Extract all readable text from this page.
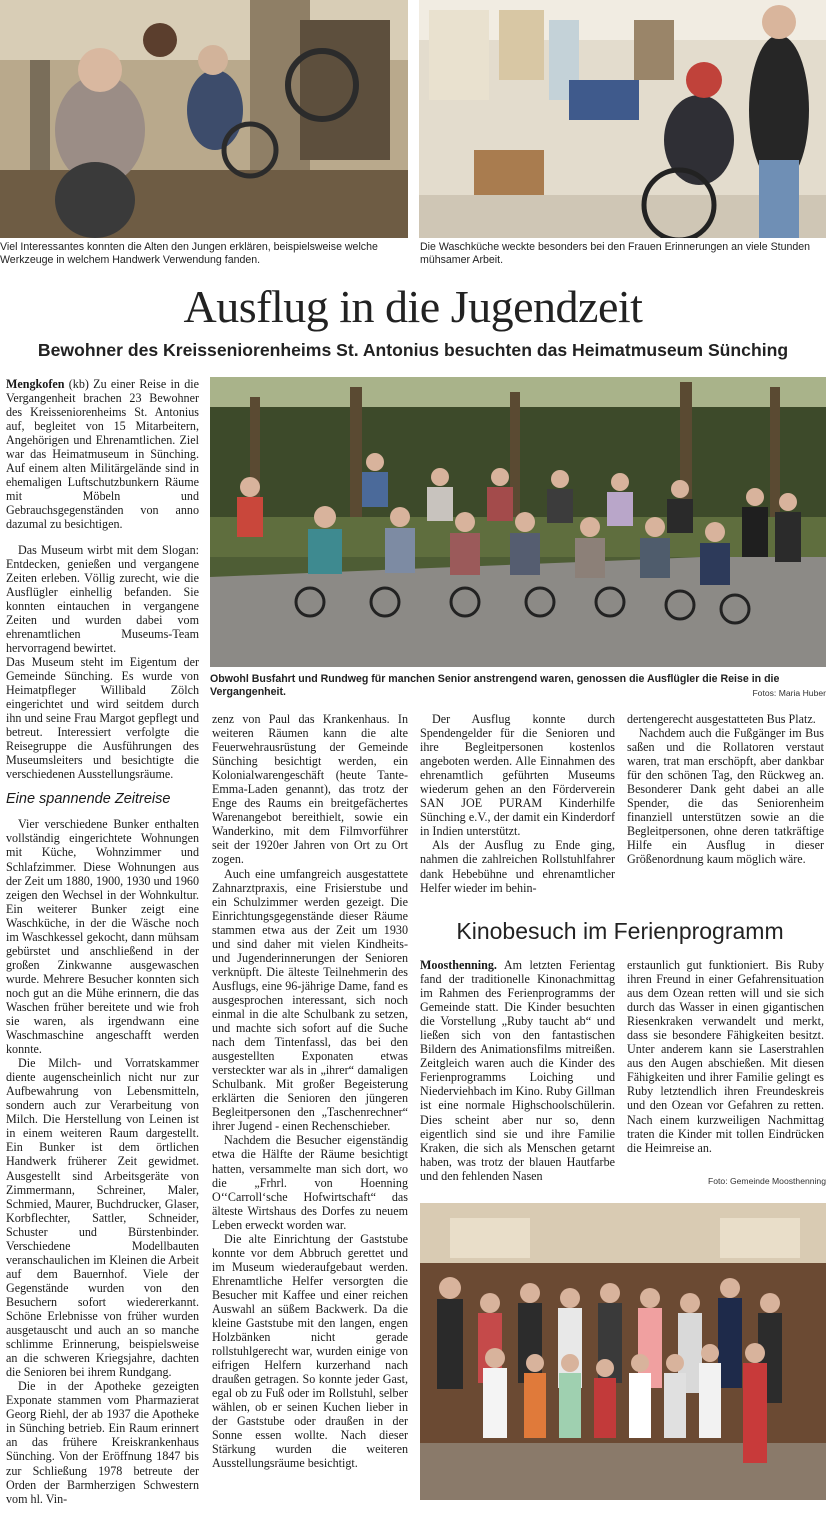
Viel Interessantes konnten die Alten den Jungen erklären, beispielsweise welche Werkzeuge in welchem Handwerk Verwendung fanden.
Die Waschküche weckte besonders bei den Frauen Erinnerungen an viele Stunden mühsamer Arbeit.
Ausflug in die Jugendzeit
Bewohner des Kreisseniorenheims St. Antonius besuchten das Heimatmuseum Sünching

Mengkofen (kb) Zu einer Reise in die Vergangenheit brachen 23 Bewohner des Kreisseniorenheims St. Antonius auf, begleitet von 15 Mitarbeitern, Angehörigen und Ehrenamtlichen. Ziel war das Heimatmuseum in Sünching. Auf einem alten Militärgelände sind in ehemaligen Luftschutzbunkern Räume mit Möbeln und Gebrauchsgegenständen von anno dazumal zu besichtigen.

Das Museum wirbt mit dem Slogan: Entdecken, genießen und vergangene Zeiten erleben. Völlig zurecht, wie die Ausflügler einhellig befanden. Sie konnten eintauchen in vergangene Zeiten und wurden dabei vom ehrenamtlichen Museums-Team hervorragend bewirtet.

Das Museum steht im Eigentum der Gemeinde Sünching. Es wurde von Heimatpfleger Willibald Zölch eingerichtet und wird seitdem durch ihn und seine Frau Margot gepflegt und betreut. Interessiert verfolgte die Reisegruppe die Ausführungen des Museumsleiters und besichtigte die verschiedenen Ausstellungsräume.

Eine spannende Zeitreise

Vier verschiedene Bunker enthalten vollständig eingerichtete Wohnungen mit Küche, Wohnzimmer und Schlafzimmer. Diese Wohnungen aus der Zeit um 1880, 1900, 1930 und 1960 zeigen den Wechsel in der Wohnkultur. Ein weiterer Bunker zeigt eine Waschküche, in der die Wäsche noch im Waschkessel gekocht, dann mühsam gebürstet und anschließend in der großen Zinkwanne ausgewaschen wurde. Mehrere Besucher konnten sich noch gut an die Mühe erinnern, die das Waschen früher bereitete und wie froh sie waren, als irgendwann eine Waschmaschine angeschafft werden konnte.

Die Milch- und Vorratskammer diente augenscheinlich nicht nur zur Aufbewahrung von Lebensmitteln, sondern auch zur Verarbeitung von Milch. Die Herstellung von Leinen ist in einem weiteren Raum dargestellt. Ein Bunker ist dem örtlichen Handwerk früherer Zeit gewidmet. Ausgestellt sind Arbeitsgeräte von Zimmermann, Schreiner, Maler, Schmied, Maurer, Buchdrucker, Glaser, Korbflechter, Sattler, Schneider, Schuster und Bürstenbinder. Verschiedene Modellbauten veranschaulichen im Kleinen die Arbeit auf dem Bauernhof. Viele der Gegenstände wurden von den Besuchern sofort wiedererkannt. Schöne Erlebnisse von früher wurden ausgetauscht und auch an so manche schlimme Erinnerung, beispielsweise an die schweren Kriegsjahre, dachten die Senioren bei ihrem Rundgang.

Die in der Apotheke gezeigten Exponate stammen vom Pharmazierat Georg Riehl, der ab 1937 die Apotheke in Sünching betrieb. Ein Raum erinnert an das frühere Kreiskrankenhaus Sünching. Von der Eröffnung 1847 bis zur Schließung 1978 betreute der Orden der Barmherzigen Schwestern vom hl. Vin-

Obwohl Busfahrt und Rundweg für manchen Senior anstrengend waren, genossen die Ausflügler die Reise in die Vergangenheit.	Fotos: Maria Huber

zenz von Paul das Krankenhaus. In weiteren Räumen kann die alte Feuerwehrausrüstung der Gemeinde Sünching besichtigt werden, ein Kolonialwarengeschäft (heute Tante-Emma-Laden genannt), das trotz der Enge des Raums ein breitgefächertes Warenangebot bereithielt, sowie ein Wanderkino, mit dem Filmvorführer seit der 1920er Jahren von Ort zu Ort zogen.

Auch eine umfangreich ausgestattete Zahnarztpraxis, eine Frisierstube und ein Schulzimmer werden gezeigt. Die Einrichtungsgegenstände dieser Räume stammen etwa aus der Zeit um 1930 und sind daher mit vielen Kindheits- und Jugenderinnerungen der Senioren verknüpft. Die älteste Teilnehmerin des Ausflugs, eine 96-jährige Dame, fand es ausgesprochen interessant, sich noch einmal in die alte Schulbank zu setzen, und machte sich sofort auf die Suche nach dem Tintenfassl, das bei den ausgestellten Exponaten etwas versteckter war als in „ihrer“ damaligen Schulbank. Mit großer Begeisterung erklärten die Senioren den jüngeren Begleitpersonen den „Taschenrechner“ ihrer Jugend - einen Rechenschieber.

Nachdem die Besucher eigenständig etwa die Hälfte der Räume besichtigt hatten, versammelte man sich dort, wo die „Frhrl. von Hoenning O‘‘Carroll‘sche Hofwirtschaft“ das älteste Wirtshaus des Dorfes zu neuem Leben erweckt worden war.

Die alte Einrichtung der Gaststube konnte vor dem Abbruch gerettet und im Museum wiederaufgebaut werden. Ehrenamtliche Helfer versorgten die Besucher mit Kaffee und einer reichen Auswahl an süßem Backwerk. Da die kleine Gaststube mit den langen, engen Holzbänken nicht gerade rollstuhlgerecht war, wurden einige von eifrigen Helfern kurzerhand nach draußen getragen. So konnte jeder Gast, egal ob zu Fuß oder im Rollstuhl, selber wählen, ob er seinen Kuchen lieber in der Gaststube oder draußen in der Sonne essen wollte. Nach dieser Stärkung wurden die weiteren Ausstellungsräume besichtigt.

Der Ausflug konnte durch Spendengelder für die Senioren und ihre Begleitpersonen kostenlos angeboten werden. Alle Einnahmen des ehrenamtlich geführten Museums wiederum gehen an den Förderverein SAN JOE PURAM Kinderhilfe Sünching e.V., der damit ein Kinderdorf in Indien unterstützt.

Als der Ausflug zu Ende ging, nahmen die zahlreichen Rollstuhlfahrer dank Hebebühne und ehrenamtlicher Helfer wieder im behin-

dertengerecht ausgestatteten Bus Platz.

Nachdem auch die Fußgänger im Bus saßen und die Rollatoren verstaut waren, trat man erschöpft, aber dankbar für den schönen Tag, den Rückweg an. Besonderer Dank geht dabei an alle Spender, die das Seniorenheim finanziell unterstützen sowie an die Begleitpersonen, ohne deren tatkräftige Hilfe ein Ausflug in dieser Größenordnung kaum möglich wäre.

Kinobesuch im Ferienprogramm

Moosthenning. Am letzten Ferientag fand der traditionelle Kinonachmittag im Rahmen des Ferienprogramms der Gemeinde statt. Die Kinder besuchten die Vorstellung „Ruby taucht ab“ und ließen sich von den fantastischen Bildern des Animationsfilms mitreißen. Zeitgleich waren auch die Kinder des Ferienprogramms Loiching und Niederviehbach im Kino. Ruby Gillman ist eine normale Highschoolschülerin. Dies scheint aber nur so, denn eigentlich sind sie und ihre Familie Kraken, die sich als Menschen getarnt haben, was trotz der blauen Hautfarbe und den fehlenden Nasen

erstaunlich gut funktioniert. Bis Ruby ihren Freund in einer Gefahrensituation aus dem Ozean retten will und sie sich durch das Wasser in einen gigantischen Riesenkraken verwandelt und merkt, dass sie besondere Fähigkeiten besitzt. Unter anderem kann sie Laserstrahlen aus den Augen abschießen. Mit diesen Fähigkeiten und ihrer Familie gelingt es Ruby letztendlich ihren Freundeskreis und den Ozean vor Gefahren zu retten. Nach einem kurzweiligen Nachmittag traten die Kinder mit tollen Eindrücken die Heimreise an.

Foto: Gemeinde Moosthenning
